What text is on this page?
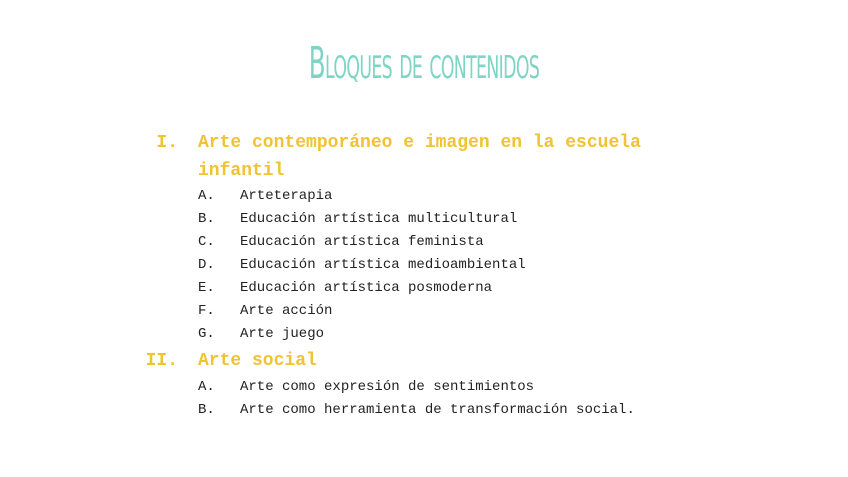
Bloques de contenidos
I. Arte contemporáneo e imagen en la escuela infantil
A. Arteterapia
B. Educación artística multicultural
C. Educación artística feminista
D. Educación artística medioambiental
E. Educación artística posmoderna
F. Arte acción
G. Arte juego
II. Arte social
A. Arte como expresión de sentimientos
B. Arte como herramienta de transformación social.
